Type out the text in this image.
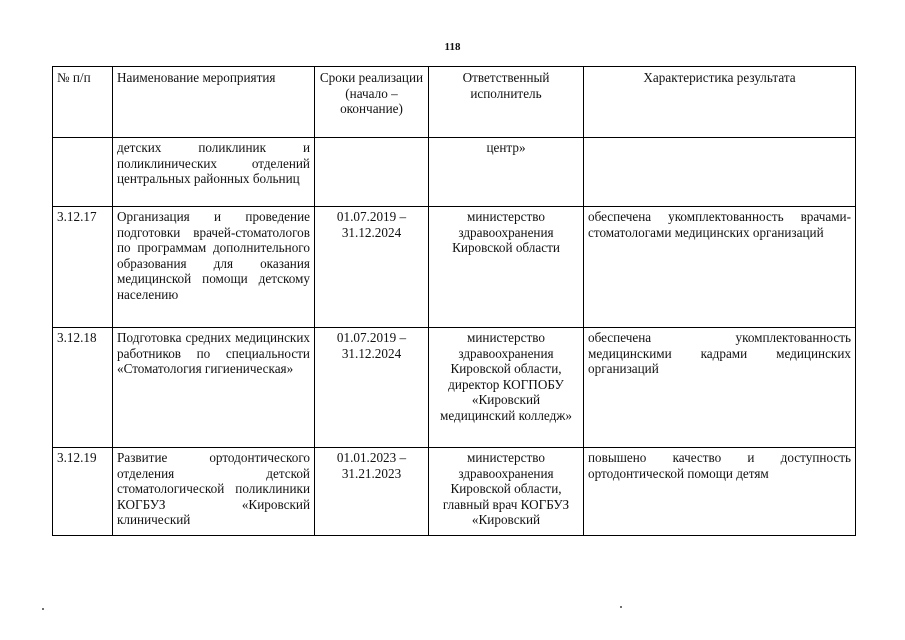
118
№ п/п	Наименование мероприятия	Сроки реализации (начало – окончание)	Ответственный исполнитель	Характеристика результата
	детских поликлиник и поликлинических отделений центральных районных больниц		центр»	
3.12.17	Организация и проведение подготовки врачей-стоматологов по программам дополнительного образования для оказания медицинской помощи детскому населению	01.07.2019 – 31.12.2024	министерство здравоохранения Кировской области	обеспечена укомплектованность врачами-стоматологами медицинских организаций
3.12.18	Подготовка средних медицинских работников по специальности «Стоматология гигиеническая»	01.07.2019 – 31.12.2024	министерство здравоохранения Кировской области, директор КОГПОБУ «Кировский медицинский колледж»	обеспечена укомплектованность медицинскими кадрами медицинских организаций
3.12.19	Развитие ортодонтического отделения детской стоматологической поликлиники КОГБУЗ «Кировский клинический	01.01.2023 – 31.21.2023	министерство здравоохранения Кировской области, главный врач КОГБУЗ «Кировский	повышено качество и доступность ортодонтической помощи детям
